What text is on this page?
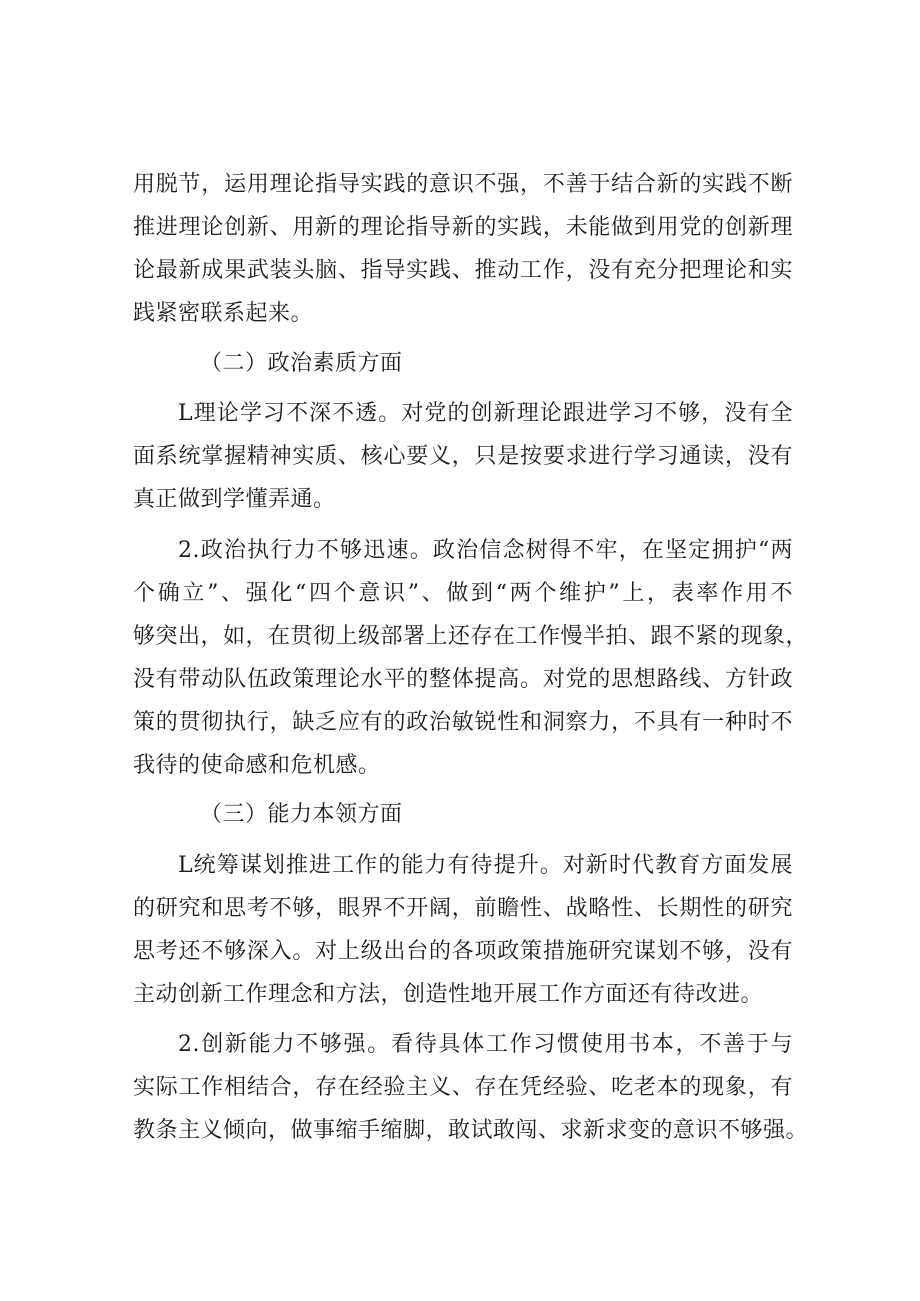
用脱节，运用理论指导实践的意识不强，不善于结合新的实践不断
推进理论创新、用新的理论指导新的实践，未能做到用党的创新理
论最新成果武装头脑、指导实践、推动工作，没有充分把理论和实
践紧密联系起来。
（二）政治素质方面
L理论学习不深不透。对党的创新理论跟进学习不够，没有全
面系统掌握精神实质、核心要义，只是按要求进行学习通读，没有
真正做到学懂弄通。
2.政治执行力不够迅速。政治信念树得不牢，在坚定拥护“两
个确立”、强化“四个意识”、做到“两个维护”上，表率作用不
够突出，如，在贯彻上级部署上还存在工作慢半拍、跟不紧的现象，
没有带动队伍政策理论水平的整体提高。对党的思想路线、方针政
策的贯彻执行，缺乏应有的政治敏锐性和洞察力，不具有一种时不
我待的使命感和危机感。
（三）能力本领方面
L统筹谋划推进工作的能力有待提升。对新时代教育方面发展
的研究和思考不够，眼界不开阔，前瞻性、战略性、长期性的研究
思考还不够深入。对上级出台的各项政策措施研究谋划不够，没有
主动创新工作理念和方法，创造性地开展工作方面还有待改进。
2.创新能力不够强。看待具体工作习惯使用书本，不善于与
实际工作相结合，存在经验主义、存在凭经验、吃老本的现象，有
教条主义倾向，做事缩手缩脚，敢试敢闯、求新求变的意识不够强。
